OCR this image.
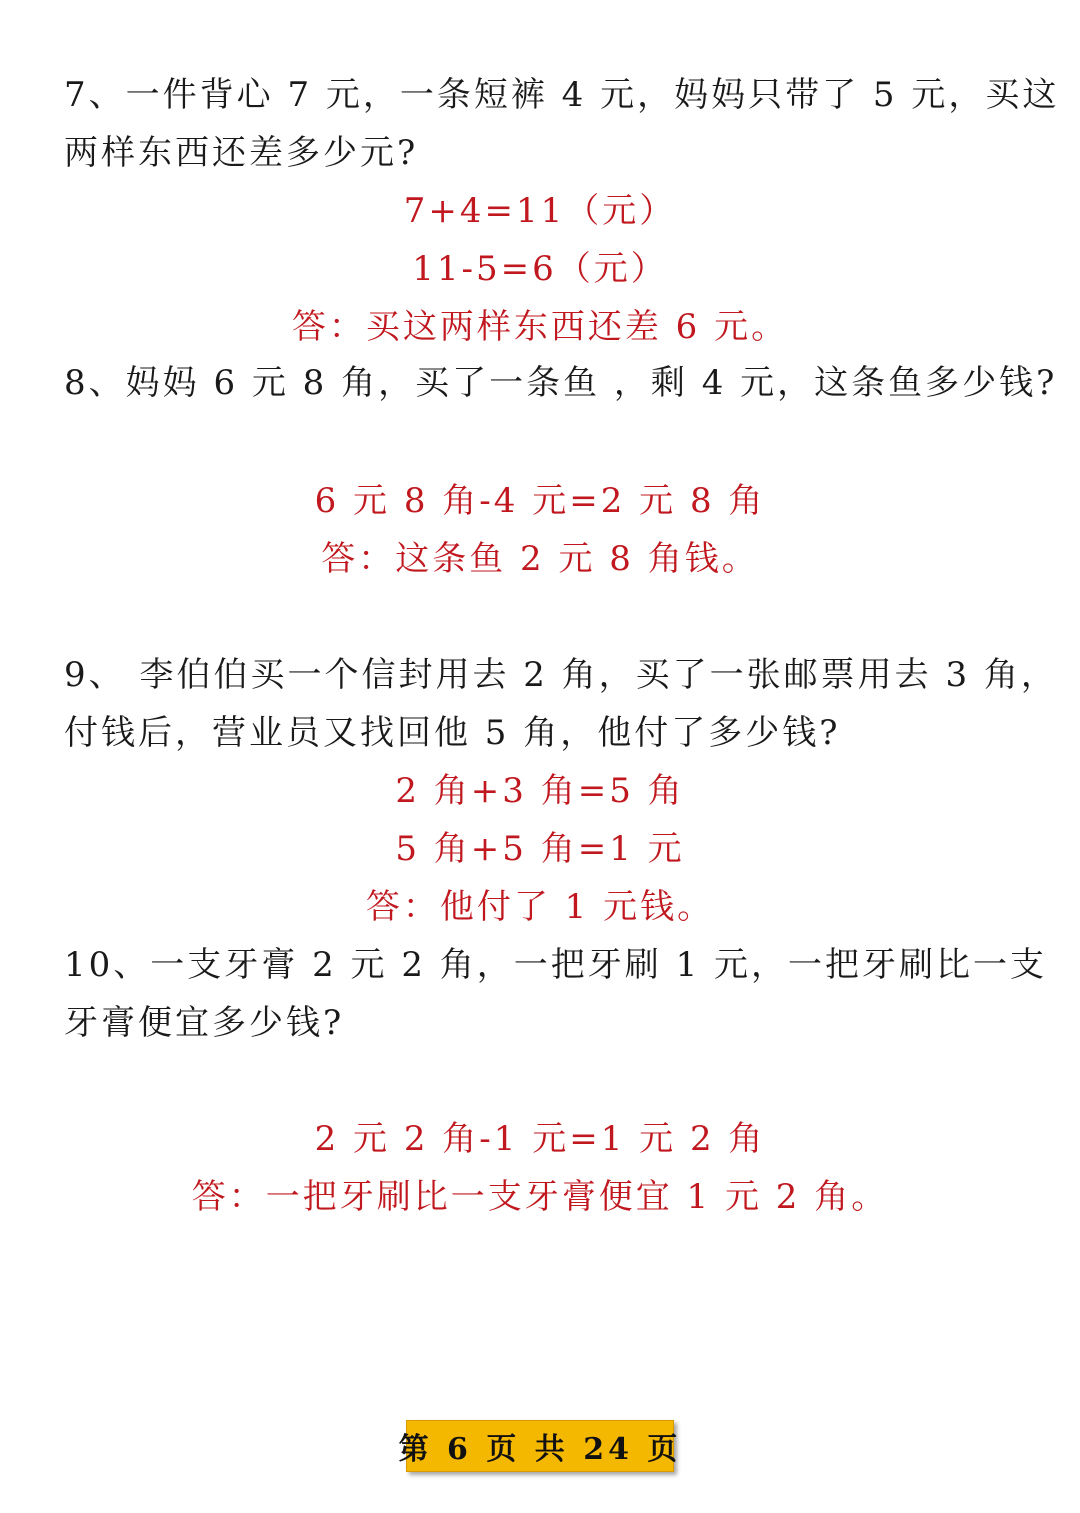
7、一件背心 7 元，一条短裤 4 元，妈妈只带了 5 元，买这
两样东西还差多少元?
7+4=11（元）
11-5=6（元）
答：买这两样东西还差 6 元。
8、妈妈 6 元 8 角，买了一条鱼 ，剩 4 元，这条鱼多少钱?
6 元 8 角-4 元=2 元 8 角
答：这条鱼 2 元 8 角钱。
9、 李伯伯买一个信封用去 2 角，买了一张邮票用去 3 角，
付钱后，营业员又找回他 5 角，他付了多少钱?
2 角+3 角=5 角
5 角+5 角=1 元
答：他付了 1 元钱。
10、一支牙膏 2 元 2 角，一把牙刷 1 元，一把牙刷比一支
牙膏便宜多少钱?
2 元 2 角-1 元=1 元 2 角
答：一把牙刷比一支牙膏便宜 1 元 2 角。
第 6 页 共 24 页
